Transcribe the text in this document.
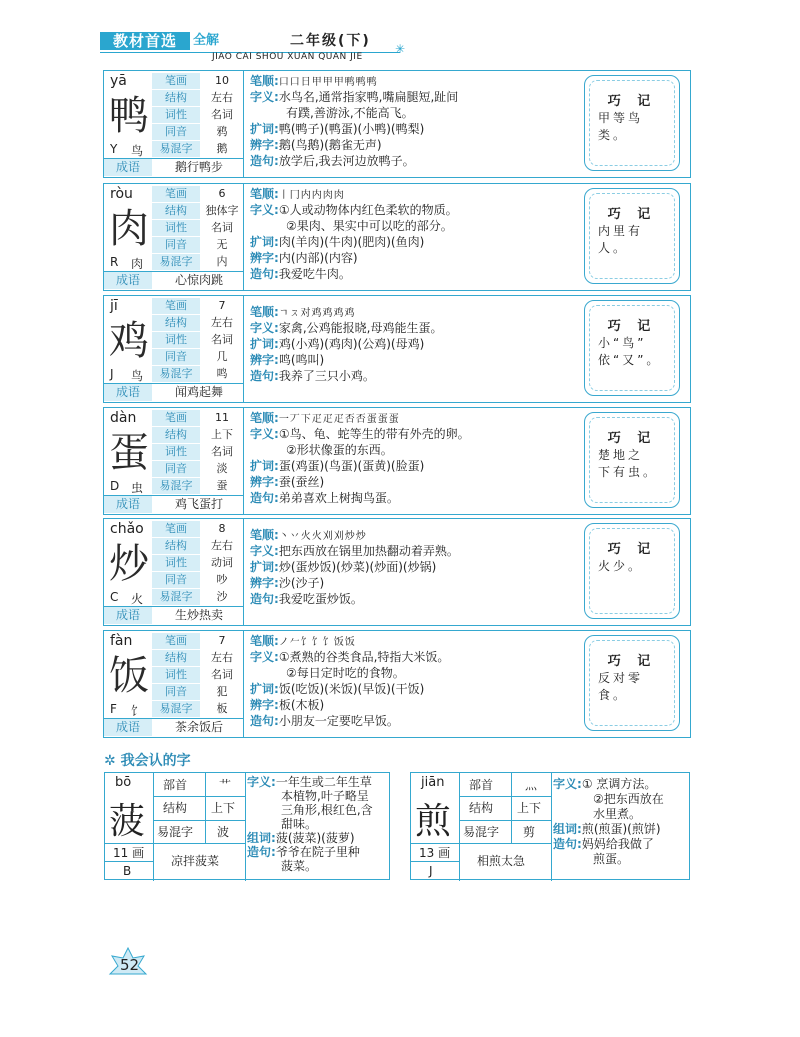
教材首选	全解	二年级(下)
JIAO CAI SHOU XUAN QUAN JIE
✳
yā
鸭
笔画	10
结构	左右
词性	名词
同音	鸦
易混字	鹅
Y 鸟
成语	鹅行鸭步
笔顺:口口日甲甲甲鸭鸭鸭
字义:水鸟名,通常指家鸭,嘴扁腿短,趾间
有蹼,善游泳,不能高飞。
扩词:鸭(鸭子)(鸭蛋)(小鸭)(鸭梨)
辨字:鹅(鸟鹅)(鹅雀无声)
造句:放学后,我去河边放鸭子。
巧 记
甲等鸟
类。
ròu
肉
笔画	6
结构	独体字
词性	名词
同音	无
易混字	内
R 肉
成语	心惊肉跳
笔顺:丨冂内内肉肉
字义:①人或动物体内红色柔软的物质。
②果肉、果实中可以吃的部分。
扩词:肉(羊肉)(牛肉)(肥肉)(鱼肉)
辨字:内(内部)(内容)
造句:我爱吃牛肉。
巧 记
内里有
人。
jī
鸡
笔画	7
结构	左右
词性	名词
同音	几
易混字	鸣
J 鸟
成语	闻鸡起舞
笔顺:ㄱㄡ对鸡鸡鸡鸡
字义:家禽,公鸡能报晓,母鸡能生蛋。
扩词:鸡(小鸡)(鸡肉)(公鸡)(母鸡)
辨字:鸣(鸣叫)
造句:我养了三只小鸡。
巧 记
小“鸟”
依“又”。
dàn
蛋
笔画	11
结构	上下
词性	名词
同音	淡
易混字	蚕
D 虫
成语	鸡飞蛋打
笔顺:一丆下疋疋疋否否蛋蛋蛋
字义:①鸟、龟、蛇等生的带有外壳的卵。
②形状像蛋的东西。
扩词:蛋(鸡蛋)(鸟蛋)(蛋黄)(脸蛋)
辨字:蚕(蚕丝)
造句:弟弟喜欢上树掏鸟蛋。
巧 记
楚地之
下有虫。
chǎo
炒
笔画	8
结构	左右
词性	动词
同音	吵
易混字	沙
C 火
成语	生炒热卖
笔顺:丶丷火火刈刈炒炒
字义:把东西放在锅里加热翻动着弄熟。
扩词:炒(蛋炒饭)(炒菜)(炒面)(炒锅)
辨字:沙(沙子)
造句:我爱吃蛋炒饭。
巧 记
火少。
fàn
饭
笔画	7
结构	左右
词性	名词
同音	犯
易混字	板
F 饣
成语	茶余饭后
笔顺:ノ𠂉饣饣饣饭饭
字义:①煮熟的谷类食品,特指大米饭。
②每日定时吃的食物。
扩词:饭(吃饭)(米饭)(早饭)(干饭)
辨字:板(木板)
造句:小朋友一定要吃早饭。
巧 记
反对零
食。
✲ 我会认的字
bō
菠
部首	艹
结构 上下
易混字 波
11 画
B
凉拌菠菜
字义:一年生或二年生草
本植物,叶子略呈
三角形,根红色,含
甜味。
组词:菠(菠菜)(菠萝)
造句:爷爷在院子里种
菠菜。
jiān
煎
部首	灬
结构 上下
易混字 剪
13 画
J
相煎太急
字义:① 烹调方法。
②把东西放在
水里煮。
组词:煎(煎蛋)(煎饼)
造句:妈妈给我做了
煎蛋。
52
